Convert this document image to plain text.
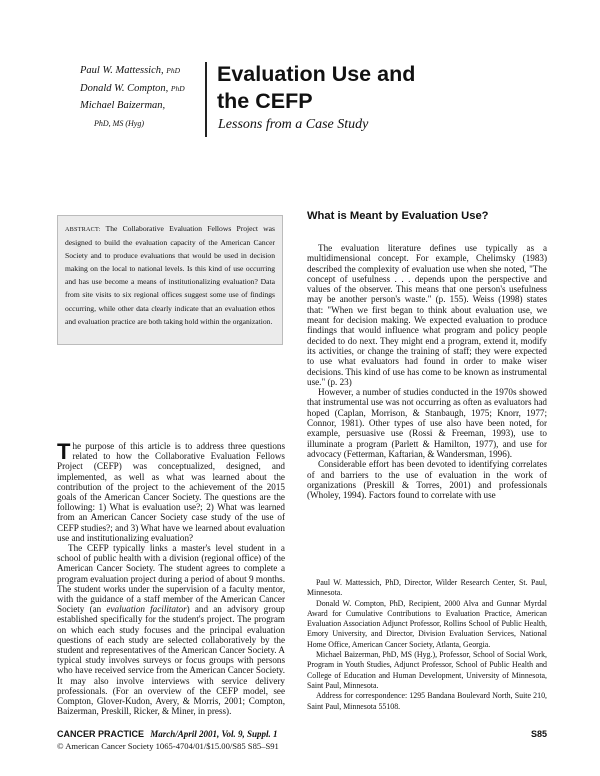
Paul W. Mattessich, PhD
Donald W. Compton, PhD
Michael Baizerman,
PhD, MS (Hyg)
Evaluation Use and
the CEFP
Lessons from a Case Study
ABSTRACT: The Collaborative Evaluation Fellows Project was designed to build the evaluation capacity of the American Cancer Society and to produce evaluations that would be used in decision making on the local to national levels. Is this kind of use occurring and has use become a means of institutionalizing evaluation? Data from site visits to six regional offices suggest some use of findings occurring, while other data clearly indicate that an evaluation ethos and evaluation practice are both taking hold within the organization.

The purpose of this article is to address three questions related to how the Collaborative Evaluation Fellows Project (CEFP) was conceptualized, designed, and implemented, as well as what was learned about the contribution of the project to the achievement of the 2015 goals of the American Cancer Society. The questions are the following: 1) What is evaluation use?; 2) What was learned from an American Cancer Society case study of the use of CEFP studies?; and 3) What have we learned about evaluation use and institutionalizing evaluation?

The CEFP typically links a master's level student in a school of public health with a division (regional office) of the American Cancer Society. The student agrees to complete a program evaluation project during a period of about 9 months. The student works under the supervision of a faculty mentor, with the guidance of a staff member of the American Cancer Society (an evaluation facilitator) and an advisory group established specifically for the student's project. The program on which each study focuses and the principal evaluation questions of each study are selected collaboratively by the student and representatives of the American Cancer Society. A typical study involves surveys or focus groups with persons who have received service from the American Cancer Society. It may also involve interviews with service delivery professionals. (For an overview of the CEFP model, see Compton, Glover-Kudon, Avery, & Morris, 2001; Compton, Baizerman, Preskill, Ricker, & Miner, in press).

What is Meant by Evaluation Use?

The evaluation literature defines use typically as a multidimensional concept. For example, Chelimsky (1983) described the complexity of evaluation use when she noted, "The concept of usefulness . . . depends upon the perspective and values of the observer. This means that one person's usefulness may be another person's waste." (p. 155). Weiss (1998) states that: "When we first began to think about evaluation use, we meant for decision making. We expected evaluation to produce findings that would influence what program and policy people decided to do next. They might end a program, extend it, modify its activities, or change the training of staff; they were expected to use what evaluators had found in order to make wiser decisions. This kind of use has come to be known as instrumental use." (p. 23)

However, a number of studies conducted in the 1970s showed that instrumental use was not occurring as often as evaluators had hoped (Caplan, Morrison, & Stanbaugh, 1975; Knorr, 1977; Connor, 1981). Other types of use also have been noted, for example, persuasive use (Rossi & Freeman, 1993), use to illuminate a program (Parlett & Hamilton, 1977), and use for advocacy (Fetterman, Kaftarian, & Wandersman, 1996).

Considerable effort has been devoted to identifying correlates of and barriers to the use of evaluation in the work of organizations (Preskill & Torres, 2001) and professionals (Wholey, 1994). Factors found to correlate with use

Paul W. Mattessich, PhD, Director, Wilder Research Center, St. Paul, Minnesota.

Donald W. Compton, PhD, Recipient, 2000 Alva and Gunnar Myrdal Award for Cumulative Contributions to Evaluation Practice, American Evaluation Association Adjunct Professor, Rollins School of Public Health, Emory University, and Director, Division Evaluation Services, National Home Office, American Cancer Society, Atlanta, Georgia.

Michael Baizerman, PhD, MS (Hyg.), Professor, School of Social Work, Program in Youth Studies, Adjunct Professor, School of Public Health and College of Education and Human Development, University of Minnesota, Saint Paul, Minnesota.

Address for correspondence: 1295 Bandana Boulevard North, Suite 210, Saint Paul, Minnesota 55108.

CANCER PRACTICE March/April 2001, Vol. 9, Suppl. 1	S85
© American Cancer Society 1065-4704/01/$15.00/S85 S85–S91
